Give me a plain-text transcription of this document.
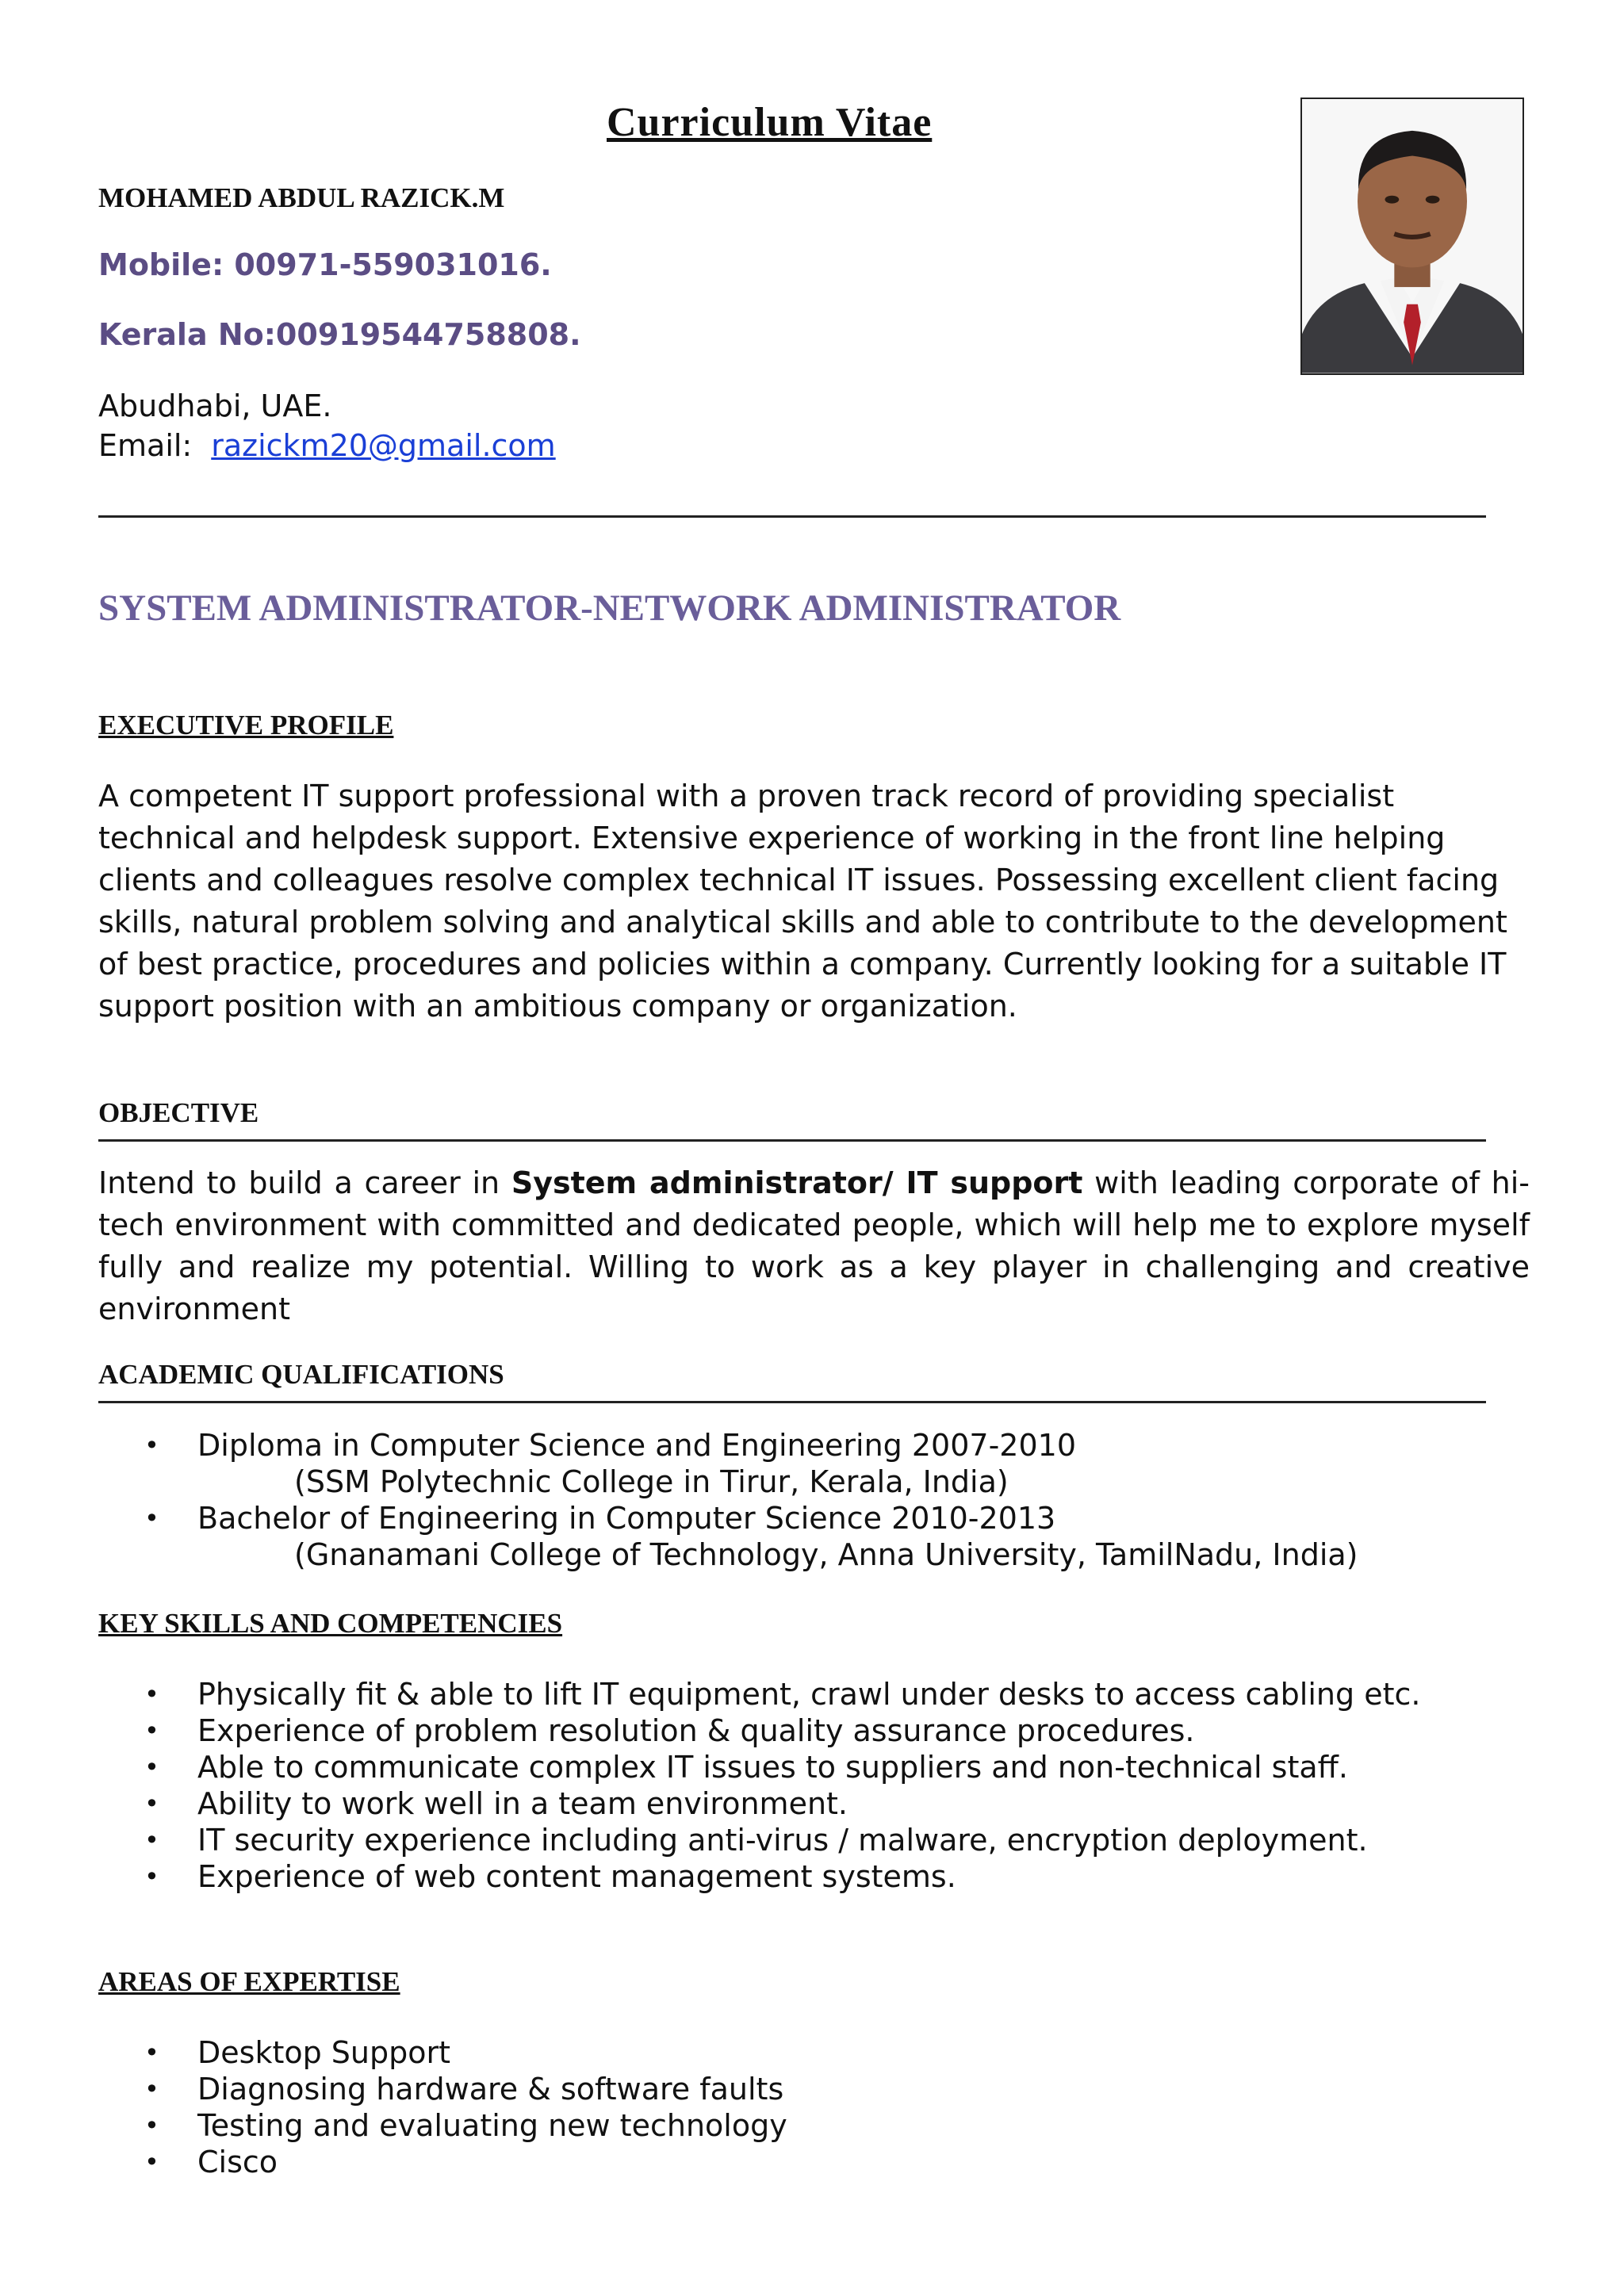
Curriculum Vitae

MOHAMED ABDUL RAZICK.M

Mobile: 00971-559031016.

Kerala No:00919544758808.

Abudhabi, UAE.

Email: razickm20@gmail.com

SYSTEM ADMINISTRATOR-NETWORK ADMINISTRATOR
EXECUTIVE PROFILE

A competent IT support professional with a proven track record of providing specialist technical and helpdesk support. Extensive experience of working in the front line helping clients and colleagues resolve complex technical IT issues. Possessing excellent client facing skills, natural problem solving and analytical skills and able to contribute to the development of best practice, procedures and policies within a company. Currently looking for a suitable IT support position with an ambitious company or organization.

OBJECTIVE

Intend to build a career in System administrator/ IT support with leading corporate of hi-tech environment with committed and dedicated people, which will help me to explore myself fully and realize my potential. Willing to work as a key player in challenging and creative environment

ACADEMIC QUALIFICATIONS
• Diploma in Computer Science and Engineering 2007-2010
(SSM Polytechnic College in Tirur, Kerala, India)
• Bachelor of Engineering in Computer Science 2010-2013
(Gnanamani College of Technology, Anna University, TamilNadu, India)
KEY SKILLS AND COMPETENCIES
• Physically fit & able to lift IT equipment, crawl under desks to access cabling etc.
• Experience of problem resolution & quality assurance procedures.
• Able to communicate complex IT issues to suppliers and non-technical staff.
• Ability to work well in a team environment.
• IT security experience including anti-virus / malware, encryption deployment.
• Experience of web content management systems.
AREAS OF EXPERTISE
• Desktop Support
• Diagnosing hardware & software faults
• Testing and evaluating new technology
• Cisco
